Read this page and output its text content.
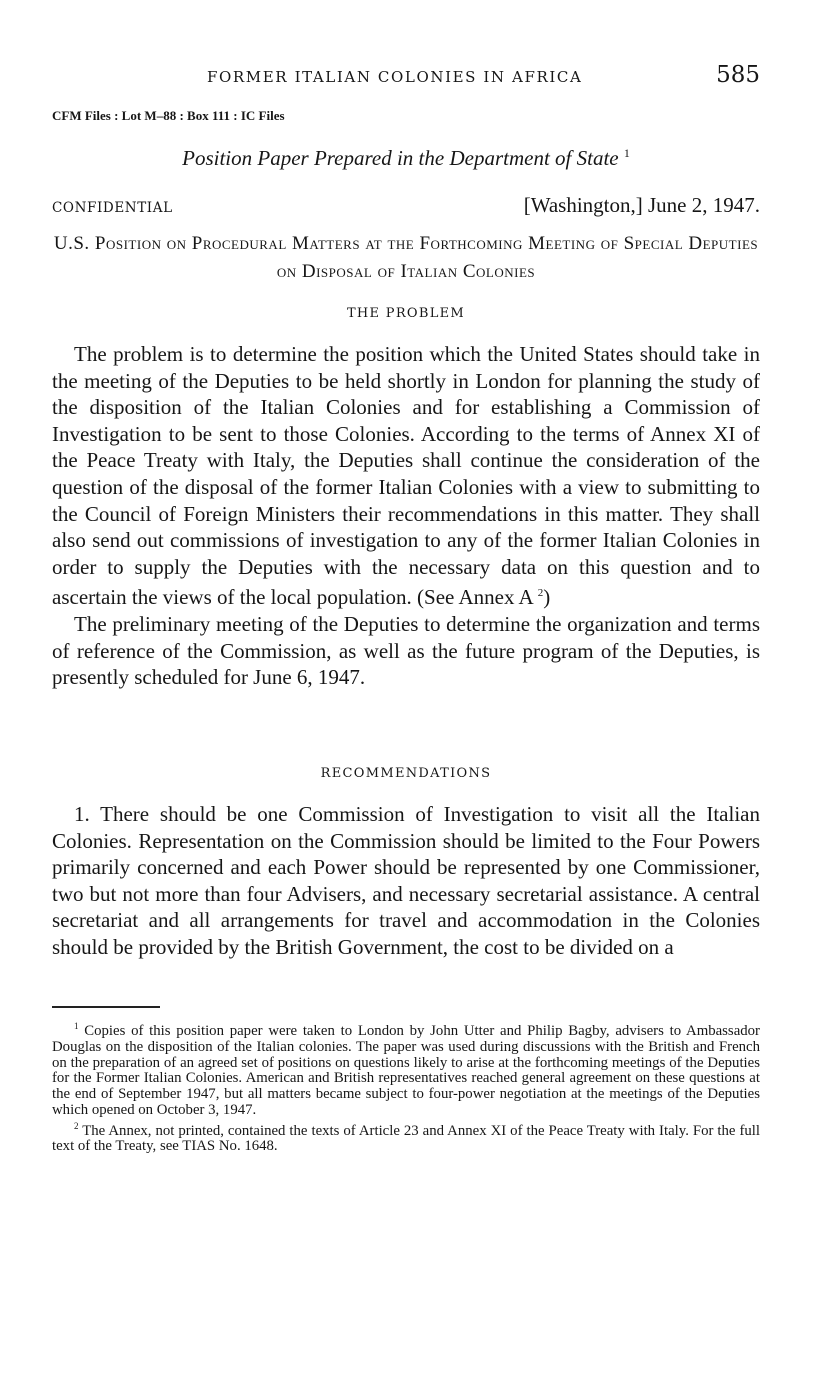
FORMER ITALIAN COLONIES IN AFRICA	585
CFM Files : Lot M–88 : Box 111 : IC Files
Position Paper Prepared in the Department of State $^1$
CONFIDENTIAL	[Washington,] June 2, 1947.
U.S. Position on Procedural Matters at the Forthcoming Meeting of Special Deputies on Disposal of Italian Colonies
THE PROBLEM

The problem is to determine the position which the United States should take in the meeting of the Deputies to be held shortly in London for planning the study of the disposition of the Italian Colonies and for establishing a Commission of Investigation to be sent to those Colonies. According to the terms of Annex XI of the Peace Treaty with Italy, the Deputies shall continue the consideration of the question of the disposal of the former Italian Colonies with a view to submitting to the Council of Foreign Ministers their recommendations in this matter. They shall also send out commissions of investigation to any of the former Italian Colonies in order to supply the Deputies with the necessary data on this question and to ascertain the views of the local population. (See Annex A $^2$)

The preliminary meeting of the Deputies to determine the organization and terms of reference of the Commission, as well as the future program of the Deputies, is presently scheduled for June 6, 1947.

RECOMMENDATIONS

1. There should be one Commission of Investigation to visit all the Italian Colonies. Representation on the Commission should be limited to the Four Powers primarily concerned and each Power should be represented by one Commissioner, two but not more than four Advisers, and necessary secretarial assistance. A central secretariat and all arrangements for travel and accommodation in the Colonies should be provided by the British Government, the cost to be divided on a

$^1$ Copies of this position paper were taken to London by John Utter and Philip Bagby, advisers to Ambassador Douglas on the disposition of the Italian colonies. The paper was used during discussions with the British and French on the preparation of an agreed set of positions on questions likely to arise at the forthcoming meetings of the Deputies for the Former Italian Colonies. American and British representatives reached general agreement on these questions at the end of September 1947, but all matters became subject to four-power negotiation at the meetings of the Deputies which opened on October 3, 1947.

$^2$ The Annex, not printed, contained the texts of Article 23 and Annex XI of the Peace Treaty with Italy. For the full text of the Treaty, see TIAS No. 1648.
